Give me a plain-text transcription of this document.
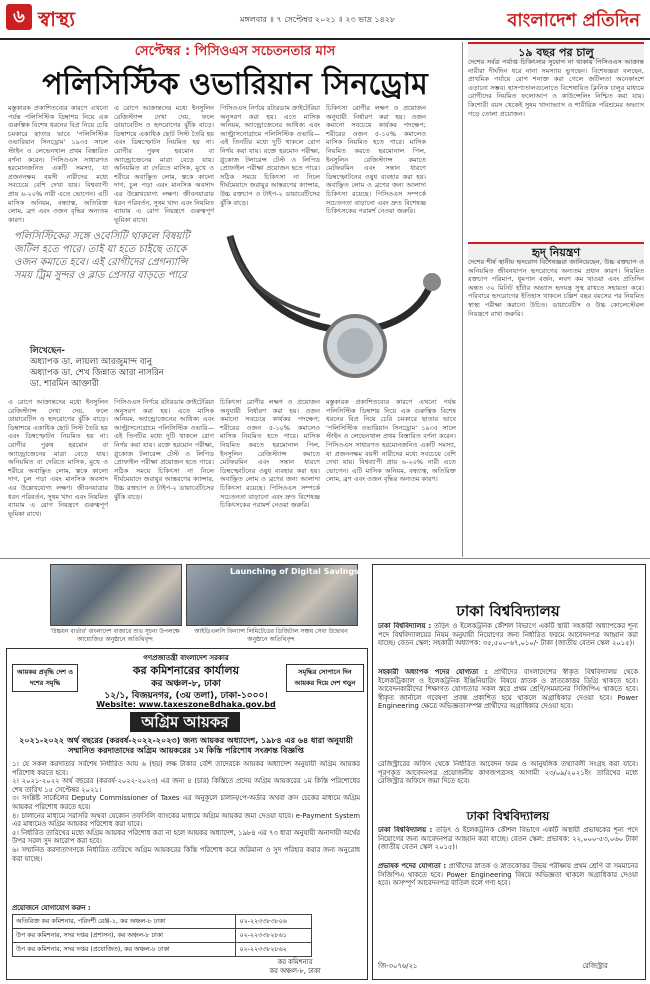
৬ স্বাস্থ্য	মঙ্গলবার ॥ ৭ সেপ্টেম্বর ২০২১ ॥ ২৩ ভাদ্র ১৪২৮	বাংলাদেশ প্রতিদিন
সেপ্টেম্বর : পিসিওএস সচেতনতার মাস
পলিসিস্টিক ওভারিয়ান সিনড্রোম
মস্তুকারক প্রকাশিতব্যের কারণে এখনো পর্যন্ত পলিসিস্টিক ডিম্বাশয় নিয়ে এক গুরুত্বিক বিশেষ ধরনের বিপ্র নিয়ে চেরি চমকারে ছাতার ভাবে 'পলিসিস্টিক ওভারিয়ান সিনড্রোম' ১৯৩৫ সালে স্টাইন ও লেভেনথাল প্রথম বিস্তারিত বর্ণনা করেন। পিসিওএস সাধারণত হরমোনজনিত একটি সমস্যা, যা প্রজননক্ষম বয়সী নারীদের মধ্যে সবচেয়ে বেশি দেখা যায়। বিশ্বব্যাপী প্রায় ৬-২০% নারী এতে ভোগেন। এটি মাসিক অনিয়ম, বন্ধ্যাত্ব, অতিরিক্ত লোম, ব্রণ এবং ওজন বৃদ্ধির অন্যতম কারণ।
এ রোগে আক্রান্তদের মধ্যে ইনসুলিন রেজিস্ট্যান্স দেখা দেয়, ফলে ডায়াবেটিস ও হৃদরোগের ঝুঁকি বাড়ে। ডিম্বাশয়ে একাধিক ছোট সিস্ট তৈরি হয় এবং ডিম্বস্ফোটন নিয়মিত হয় না। রোগীর পুরুষ হরমোন বা অ্যান্ড্রোজেনের মাত্রা বেড়ে যায়। অনিয়মিত বা দেরিতে মাসিক, মুখে ও শরীরে অবাঞ্ছিত লোম, ত্বকে কালো দাগ, চুল পড়া এবং মানসিক অবসাদ এর উল্লেখযোগ্য লক্ষণ। জীবনযাত্রার ধরন পরিবর্তন, সুষম খাদ্য এবং নিয়মিত ব্যায়াম এ রোগ নিয়ন্ত্রণে গুরুত্বপূর্ণ ভূমিকা রাখে।
পিসিওএস নির্ণয়ে রটারডাম ক্রাইটেরিয়া অনুসরণ করা হয়। এতে মাসিক অনিয়ম, অ্যান্ড্রোজেনের আধিক্য এবং আল্ট্রাসনোগ্রামে পলিসিস্টিক ওভারি—এই তিনটির মধ্যে দুটি থাকলে রোগ নির্ণয় করা যায়। রক্তে হরমোন পরীক্ষা, গ্লুকোজ টলারেন্স টেস্ট ও লিপিড প্রোফাইল পরীক্ষা প্রয়োজন হতে পারে। সঠিক সময়ে চিকিৎসা না নিলে দীর্ঘমেয়াদে জরায়ুর আস্তরণের ক্যান্সার, উচ্চ রক্তচাপ ও টাইপ-২ ডায়াবেটিসের ঝুঁকি বাড়ে।
চিকিৎসা রোগীর লক্ষণ ও প্রয়োজন অনুযায়ী নির্ধারণ করা হয়। ওজন কমানো সবচেয়ে কার্যকর পদক্ষেপ; শরীরের ওজন ৫-১০% কমালেও মাসিক নিয়মিত হতে পারে। মাসিক নিয়মিত করতে হরমোনাল পিল, ইনসুলিন রেজিস্ট্যান্স কমাতে মেটফরমিন এবং সন্তান ধারণে ডিম্বস্ফোটনের ওষুধ ব্যবহার করা হয়। অবাঞ্ছিত লোম ও ব্রণের জন্য আলাদা চিকিৎসা রয়েছে। পিসিওএস সম্পর্কে সচেতনতা বাড়ানো এবং দ্রুত বিশেষজ্ঞ চিকিৎসকের পরামর্শ নেওয়া জরুরি।
পলিসিস্টিকের সঙ্গে ওবেসিটি থাকলে বিষয়টি জটিল হতে পারে। তাই যা হতে চাইছে তাকে ওজন কমাতে হবে। এই রোগীদের প্রেগন্যান্সি সময় ট্রিম সুন্দর ও ব্লাড প্রেসার বাড়তে পারে
লিখেছেন-
অধ্যাপক ডা. লায়লা আরজুমান্দ বানু
অধ্যাপক ডা. শেখ জিন্নাত আরা নাসরিন
ডা. শারমিন আক্তারী
এ রোগে আক্রান্তদের মধ্যে ইনসুলিন রেজিস্ট্যান্স দেখা দেয়, ফলে ডায়াবেটিস ও হৃদরোগের ঝুঁকি বাড়ে। ডিম্বাশয়ে একাধিক ছোট সিস্ট তৈরি হয় এবং ডিম্বস্ফোটন নিয়মিত হয় না। রোগীর পুরুষ হরমোন বা অ্যান্ড্রোজেনের মাত্রা বেড়ে যায়। অনিয়মিত বা দেরিতে মাসিক, মুখে ও শরীরে অবাঞ্ছিত লোম, ত্বকে কালো দাগ, চুল পড়া এবং মানসিক অবসাদ এর উল্লেখযোগ্য লক্ষণ। জীবনযাত্রার ধরন পরিবর্তন, সুষম খাদ্য এবং নিয়মিত ব্যায়াম এ রোগ নিয়ন্ত্রণে গুরুত্বপূর্ণ ভূমিকা রাখে।
পিসিওএস নির্ণয়ে রটারডাম ক্রাইটেরিয়া অনুসরণ করা হয়। এতে মাসিক অনিয়ম, অ্যান্ড্রোজেনের আধিক্য এবং আল্ট্রাসনোগ্রামে পলিসিস্টিক ওভারি—এই তিনটির মধ্যে দুটি থাকলে রোগ নির্ণয় করা যায়। রক্তে হরমোন পরীক্ষা, গ্লুকোজ টলারেন্স টেস্ট ও লিপিড প্রোফাইল পরীক্ষা প্রয়োজন হতে পারে। সঠিক সময়ে চিকিৎসা না নিলে দীর্ঘমেয়াদে জরায়ুর আস্তরণের ক্যান্সার, উচ্চ রক্তচাপ ও টাইপ-২ ডায়াবেটিসের ঝুঁকি বাড়ে।
চিকিৎসা রোগীর লক্ষণ ও প্রয়োজন অনুযায়ী নির্ধারণ করা হয়। ওজন কমানো সবচেয়ে কার্যকর পদক্ষেপ; শরীরের ওজন ৫-১০% কমালেও মাসিক নিয়মিত হতে পারে। মাসিক নিয়মিত করতে হরমোনাল পিল, ইনসুলিন রেজিস্ট্যান্স কমাতে মেটফরমিন এবং সন্তান ধারণে ডিম্বস্ফোটনের ওষুধ ব্যবহার করা হয়। অবাঞ্ছিত লোম ও ব্রণের জন্য আলাদা চিকিৎসা রয়েছে। পিসিওএস সম্পর্কে সচেতনতা বাড়ানো এবং দ্রুত বিশেষজ্ঞ চিকিৎসকের পরামর্শ নেওয়া জরুরি।
মস্তুকারক প্রকাশিতব্যের কারণে এখনো পর্যন্ত পলিসিস্টিক ডিম্বাশয় নিয়ে এক গুরুত্বিক বিশেষ ধরনের বিপ্র নিয়ে চেরি চমকারে ছাতার ভাবে 'পলিসিস্টিক ওভারিয়ান সিনড্রোম' ১৯৩৫ সালে স্টাইন ও লেভেনথাল প্রথম বিস্তারিত বর্ণনা করেন। পিসিওএস সাধারণত হরমোনজনিত একটি সমস্যা, যা প্রজননক্ষম বয়সী নারীদের মধ্যে সবচেয়ে বেশি দেখা যায়। বিশ্বব্যাপী প্রায় ৬-২০% নারী এতে ভোগেন। এটি মাসিক অনিয়ম, বন্ধ্যাত্ব, অতিরিক্ত লোম, ব্রণ এবং ওজন বৃদ্ধির অন্যতম কারণ।
১৯ বছর পর চালু
দেশের সর্বত্র পর্যাপ্ত চিকিৎসার সুযোগ না থাকায় পিসিওএস আক্রান্ত নারীরা দীর্ঘদিন ধরে নানা সমস্যায় ভুগছেন। বিশেষজ্ঞরা বলছেন, প্রাথমিক পর্যায়ে রোগ শনাক্ত করা গেলে জটিলতা অনেকাংশে এড়ানো সম্ভব। হাসপাতালগুলোতে বিশেষায়িত ক্লিনিক চালুর মাধ্যমে রোগীদের নিয়মিত ফলোআপ ও কাউন্সেলিং নিশ্চিত করা যায়। কিশোরী বয়স থেকেই সুষম খাদ্যাভ্যাস ও শারীরিক পরিশ্রমের অভ্যাস গড়ে তোলা প্রয়োজন।
হৃদ্ নিয়ন্ত্রণ
দেশের শীর্ষ স্থানীয় হৃদরোগ বিশেষজ্ঞরা জানিয়েছেন, উচ্চ রক্তচাপ ও অনিয়মিত জীবনযাপন হৃদরোগের অন্যতম প্রধান কারণ। নিয়মিত রক্তচাপ পরিমাপ, ধূমপান বর্জন, লবণ কম খাওয়া এবং প্রতিদিন অন্তত ৩০ মিনিট হাঁটার অভ্যাস হৃদযন্ত্র সুস্থ রাখতে সহায়তা করে। পরিবারে হৃদরোগের ইতিহাস থাকলে চল্লিশ বছর বয়সের পর নিয়মিত স্বাস্থ্য পরীক্ষা করানো উচিত। ডায়াবেটিস ও উচ্চ কোলেস্টেরল নিয়ন্ত্রণে রাখা জরুরি।
'উচ্চয়ন বার্তার' বাংলাদেশ বাজারে শুভ সূচনা উপলক্ষে আয়োজিত অনুষ্ঠানে অতিথিবৃন্দ
Launching of Digital Savings
আইডিএলসি ফিন্যান্স লিমিটেডের ডিজিটাল সঞ্চয় সেবা উদ্বোধন অনুষ্ঠানে অতিথিবৃন্দ
গণপ্রজাতন্ত্রী বাংলাদেশ সরকার
কর কমিশনারের কার্যালয়
কর অঞ্চল-৮, ঢাকা
১২/১, বিজয়নগর, (৩য় তলা), ঢাকা-১০০০।
Website: www.taxeszone8dhaka.gov.bd
আয়কর প্রবৃদ্ধি দেশ ও দশের সমৃদ্ধি
সমৃদ্ধির সোপানে দিন আয়কর দিয়ে দেশ গড়ুন
অগ্রিম আয়কর
২০২১-২০২২ অর্থ বছরের (করবর্ষ-২০২২-২০২৩) জন্য আয়কর অধ্যাদেশ, ১৯৮৪ এর ৬৪ ধারা অনুযায়ী সম্মানিত করদাতাদের অগ্রিম আয়করের ১ম কিস্তি পরিশোধ সংক্রান্ত বিজ্ঞপ্তি
১। যে সকল করদাতার সর্বশেষ নির্ধারিত আয় ৬ (ছয়) লক্ষ টাকার বেশি তাদেরকে আয়কর অধ্যাদেশ অনুযায়ী অগ্রিম আয়কর পরিশোধ করতে হবে।
২। ২০২১-২০২২ অর্থ বছরের (করবর্ষ-২০২২-২০২৩) এর জন্য ৪ (চার) কিস্তিতে প্রদেয় অগ্রিম আয়করের ১ম কিস্তি পরিশোধের শেষ তারিখ ১৫ সেপ্টেম্বর ২০২১।
৩। সংশ্লিষ্ট সার্কেলের Deputy Commissioner of Taxes এর অনুকূলে চালান/পে-অর্ডার অথবা ক্রস চেকের মাধ্যমে অগ্রিম আয়কর পরিশোধ করতে হবে।
৪। চালানের মাধ্যমে সরাসরি অথবা যেকোন তফসিলি ব্যাংকের মাধ্যমে অগ্রিম আয়কর জমা দেওয়া যাবে। e-Payment System এর মাধ্যমেও অগ্রিম আয়কর পরিশোধ করা যাবে।
৫। নির্ধারিত তারিখের মধ্যে অগ্রিম আয়কর পরিশোধ করা না হলে আয়কর অধ্যাদেশ, ১৯৮৪ এর ৭৩ ধারা অনুযায়ী অনাদায়ী অর্থের উপর সরল সুদ আরোপ করা হবে।
৬। সম্মানিত করদাতাগণকে নির্ধারিত তারিখে অগ্রিম আয়করের কিস্তি পরিশোধ করে জরিমানা ও সুদ পরিহার করার জন্য অনুরোধ করা যাচ্ছে।
প্রয়োজনে যোগাযোগ করুন :
অতিরিক্ত কর কমিশনার, পরিদর্শী রেঞ্জ-১, কর অঞ্চল-৮ ঢাকা	০২-২২৩৩৮৩৮০৬
উপ কর কমিশনার, সদর দপ্তর (প্রশাসন), কর অঞ্চল-৮ ঢাকা	০২-২২৩৩৮২৮৬১
উপ কর কমিশনার, সদর দপ্তর (প্রযোজিত), কর অঞ্চল-৮ ঢাকা	০২-২২৩৩৮২৮৬২
কর কমিশনার
কর অঞ্চল-৮, ঢাকা
ঢাকা বিশ্ববিদ্যালয়
ঢাকা বিশ্ববিদ্যালয় : তড়িৎ ও ইলেকট্রনিক কৌশল বিভাগে একটি স্থায়ী সহকারী অধ্যাপকের শূন্য পদে বিশ্ববিদ্যালয়ের নিয়ম অনুযায়ী নিয়োগের জন্য নির্ধারিত ফরমে আবেদনপত্র আহ্বান করা যাচ্ছে। বেতন স্কেল: সহকারী অধ্যাপক: ৩৫,৫০০-৬৭,০১০/- টাকা (জাতীয় বেতন স্কেল ২০১৫)।
সহকারী অধ্যাপক পদের যোগ্যতা : প্রার্থীদের বাংলাদেশের স্বীকৃত বিশ্ববিদ্যালয় থেকে ইলেকট্রিক্যাল ও ইলেকট্রনিক ইঞ্জিনিয়ারিং বিষয়ে স্নাতক ও স্নাতকোত্তর ডিগ্রি থাকতে হবে। আবেদনকারীদের শিক্ষাগত যোগ্যতার সকল স্তরে প্রথম শ্রেণি/সমমানের সিজিপিএ থাকতে হবে। স্বীকৃত জার্নালে গবেষণা প্রবন্ধ প্রকাশিত হয়ে থাকলে অগ্রাধিকার দেওয়া হবে। Power Engineering ক্ষেত্রে অভিজ্ঞতাসম্পন্ন প্রার্থীদের অগ্রাধিকার দেওয়া হবে।
রেজিস্ট্রারের অফিস থেকে নির্ধারিত আবেদন ফরম ও আনুষঙ্গিক তথ্যাবলী সংগ্রহ করা যাবে। পূরণকৃত আবেদনপত্র প্রয়োজনীয় কাগজপত্রসহ আগামী ২৩/০৯/২০২১ইং তারিখের মধ্যে রেজিস্ট্রার অফিসে জমা দিতে হবে।
ঢাকা বিশ্ববিদ্যালয়
ঢাকা বিশ্ববিদ্যালয় : তড়িৎ ও ইলেকট্রনিক কৌশল বিভাগে একটি অস্থায়ী প্রভাষকের শূন্য পদে নিয়োগের জন্য আবেদনপত্র আহ্বান করা যাচ্ছে। বেতন স্কেল: প্রভাষক: ২২,০০০-৫৩,০৬০ টাকা (জাতীয় বেতন স্কেল ২০১৫)।
প্রভাষক পদের যোগ্যতা : প্রার্থীদের স্নাতক ও স্নাতকোত্তর উভয় পরীক্ষায় প্রথম শ্রেণি বা সমমানের সিজিপিএ থাকতে হবে। Power Engineering বিষয়ে অভিজ্ঞতা থাকলে অগ্রাধিকার দেওয়া হবে। অসম্পূর্ণ আবেদনপত্র বাতিল বলে গণ্য হবে।
জি-৩০৭৬/২১	রেজিস্ট্রার
